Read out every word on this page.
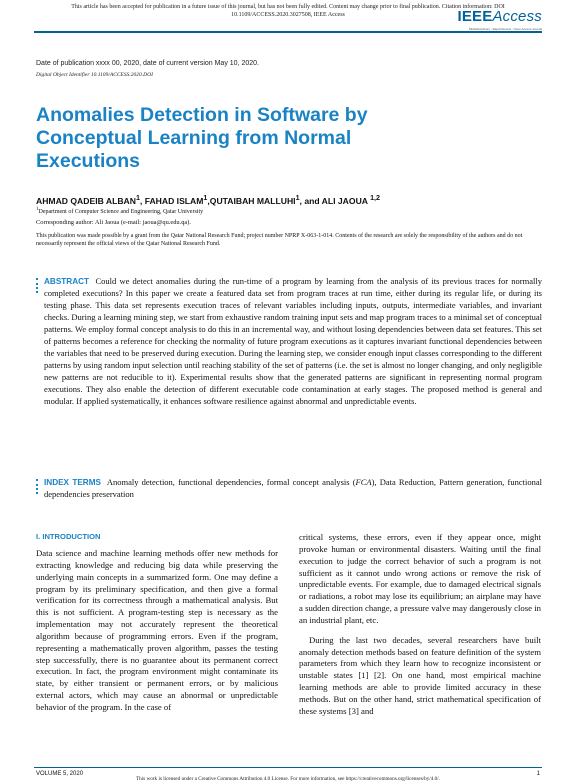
This article has been accepted for publication in a future issue of this journal, but has not been fully edited. Content may change prior to final publication. Citation information: DOI
10.1109/ACCESS.2020.3027508, IEEE Access	IEEEAccess
Multidisciplinary : Rapid Review : Open Access Journal
Date of publication xxxx 00, 2020, date of current version May 10, 2020.
Digital Object Identifier 10.1109/ACCESS.2020.DOI
Anomalies Detection in Software by
Conceptual Learning from Normal
Executions
AHMAD QADEIB ALBAN$^1$, FAHAD ISLAM$^1$,QUTAIBAH MALLUHI$^1$, and ALI JAOUA $^{1,2}$
$^1$Department of Computer Science and Engineering, Qatar University
Corresponding author: Ali Jaoua (e-mail: jaoua@qu.edu.qa).
This publication was made possible by a grant from the Qatar National Research Fund; project number NPRP X-063-1-014. Contents of the research are solely the responsibility of the authors and do not necessarily represent the official views of the Qatar National Research Fund.

ABSTRACT Could we detect anomalies during the run-time of a program by learning from the analysis of its previous traces for normally completed executions? In this paper we create a featured data set from program traces at run time, either during its regular life, or during its testing phase. This data set represents execution traces of relevant variables including inputs, outputs, intermediate variables, and invariant checks. During a learning mining step, we start from exhaustive random training input sets and map program traces to a minimal set of conceptual patterns. We employ formal concept analysis to do this in an incremental way, and without losing dependencies between data set features. This set of patterns becomes a reference for checking the normality of future program executions as it captures invariant functional dependencies between the variables that need to be preserved during execution. During the learning step, we consider enough input classes corresponding to the different patterns by using random input selection until reaching stability of the set of patterns (i.e. the set is almost no longer changing, and only negligible new patterns are not reducible to it). Experimental results show that the generated patterns are significant in representing normal program executions. They also enable the detection of different executable code contamination at early stages. The proposed method is general and modular. If applied systematically, it enhances software resilience against abnormal and unpredictable events.

INDEX TERMS Anomaly detection, functional dependencies, formal concept analysis (FCA), Data Reduction, Pattern generation, functional dependencies preservation

I. INTRODUCTION

Data science and machine learning methods offer new methods for extracting knowledge and reducing big data while preserving the underlying main concepts in a summarized form. One may define a program by its preliminary specification, and then give a formal verification for its correctness through a mathematical analysis. But this is not sufficient. A program-testing step is necessary as the implementation may not accurately represent the theoretical algorithm because of programming errors. Even if the program, representing a mathematically proven algorithm, passes the testing step successfully, there is no guarantee about its permanent correct execution. In fact, the program environment might contaminate its state, by either transient or permanent errors, or by malicious external actors, which may cause an abnormal or unpredictable behavior of the program. In the case of

critical systems, these errors, even if they appear once, might provoke human or environmental disasters. Waiting until the final execution to judge the correct behavior of such a program is not sufficient as it cannot undo wrong actions or remove the risk of unpredictable events. For example, due to damaged electrical signals or radiations, a robot may lose its equilibrium; an airplane may have a sudden direction change, a pressure valve may dangerously close in an industrial plant, etc.

During the last two decades, several researchers have built anomaly detection methods based on feature definition of the system parameters from which they learn how to recognize inconsistent or unstable states [1] [2]. On one hand, most empirical machine learning methods are able to provide limited accuracy in these methods. But on the other hand, strict mathematical specification of these systems [3] and

VOLUME 5, 2020	1
This work is licensed under a Creative Commons Attribution 4.0 License. For more information, see https://creativecommons.org/licenses/by/4.0/.
